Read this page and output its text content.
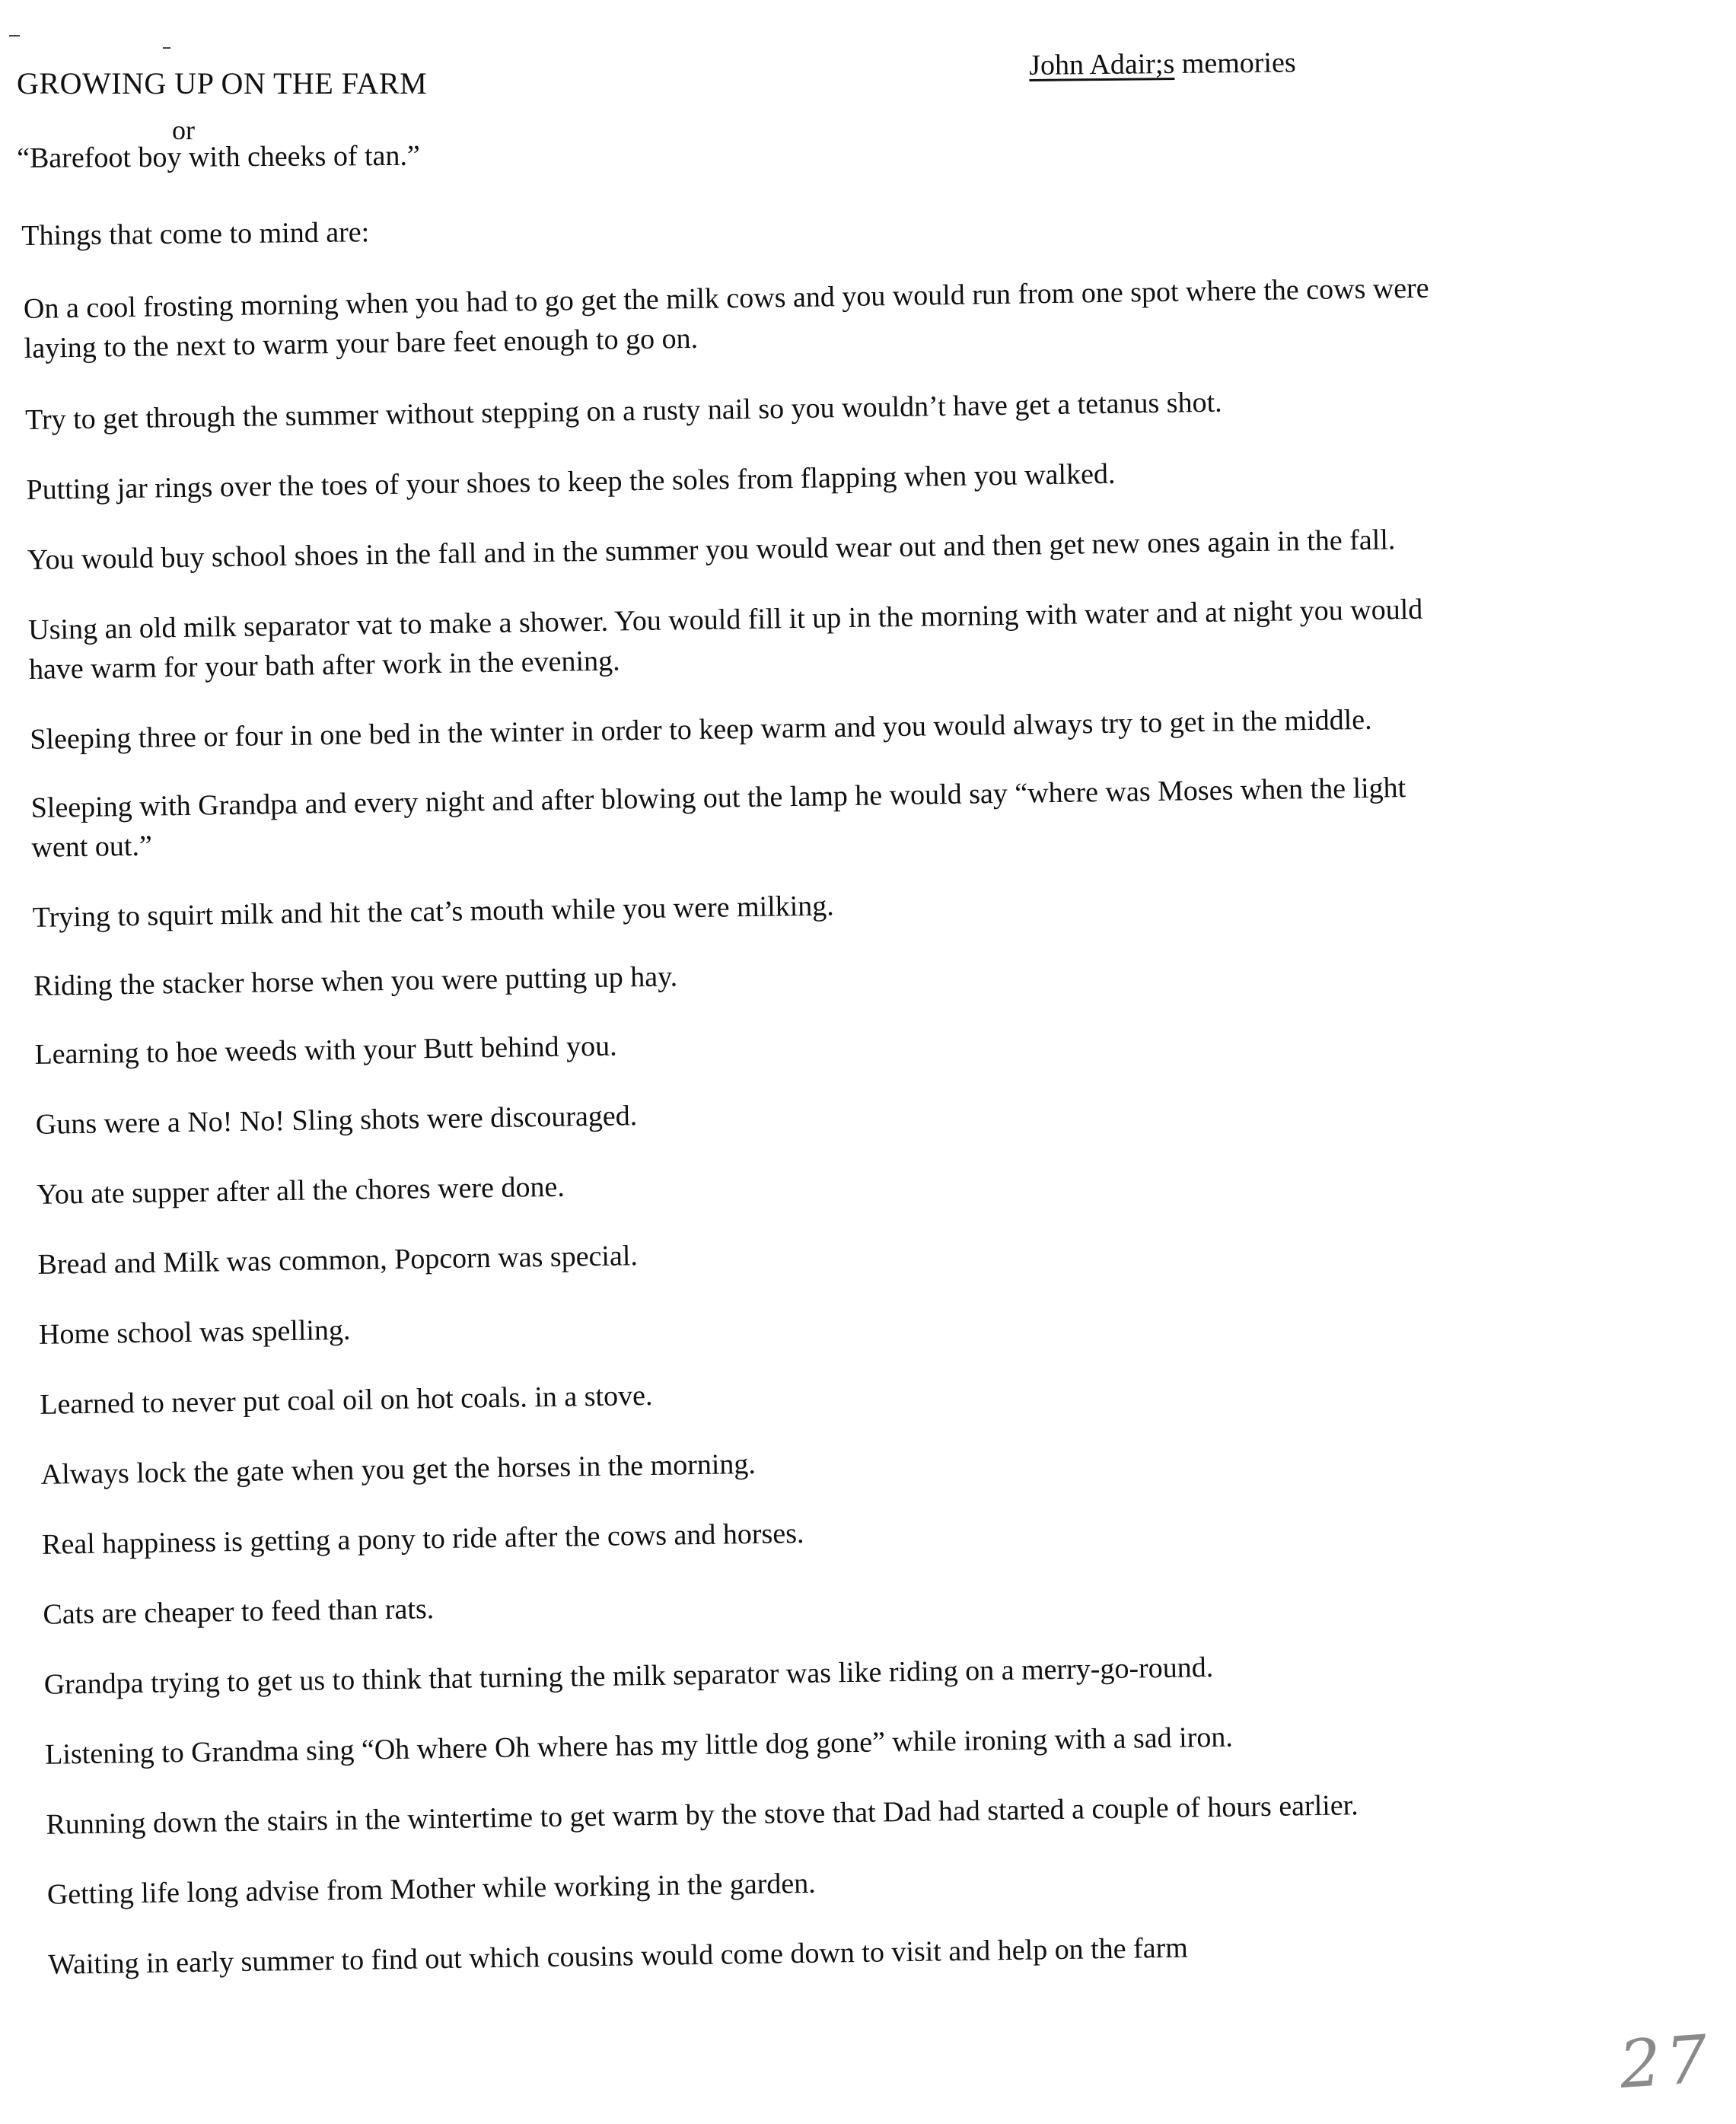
GROWING UP ON THE FARM
or
“Barefoot boy with cheeks of tan.”
John Adair;s memories
Things that come to mind are:

On a cool frosting morning when you had to go get the milk cows and you would run from one spot where the cows were
laying to the next to warm your bare feet enough to go on.

Try to get through the summer without stepping on a rusty nail so you wouldn’t have get a tetanus shot.

Putting jar rings over the toes of your shoes to keep the soles from flapping when you walked.

You would buy school shoes in the fall and in the summer you would wear out and then get new ones again in the fall.

Using an old milk separator vat to make a shower. You would fill it up in the morning with water and at night you would
have warm for your bath after work in the evening.

Sleeping three or four in one bed in the winter in order to keep warm and you would always try to get in the middle.

Sleeping with Grandpa and every night and after blowing out the lamp he would say “where was Moses when the light
went out.”

Trying to squirt milk and hit the cat’s mouth while you were milking.

Riding the stacker horse when you were putting up hay.

Learning to hoe weeds with your Butt behind you.

Guns were a No! No! Sling shots were discouraged.

You ate supper after all the chores were done.

Bread and Milk was common, Popcorn was special.

Home school was spelling.

Learned to never put coal oil on hot coals. in a stove.

Always lock the gate when you get the horses in the morning.

Real happiness is getting a pony to ride after the cows and horses.

Cats are cheaper to feed than rats.

Grandpa trying to get us to think that turning the milk separator was like riding on a merry-go-round.

Listening to Grandma sing “Oh where Oh where has my little dog gone” while ironing with a sad iron.

Running down the stairs in the wintertime to get warm by the stove that Dad had started a couple of hours earlier.

Getting life long advise from Mother while working in the garden.

Waiting in early summer to find out which cousins would come down to visit and help on the farm

27
